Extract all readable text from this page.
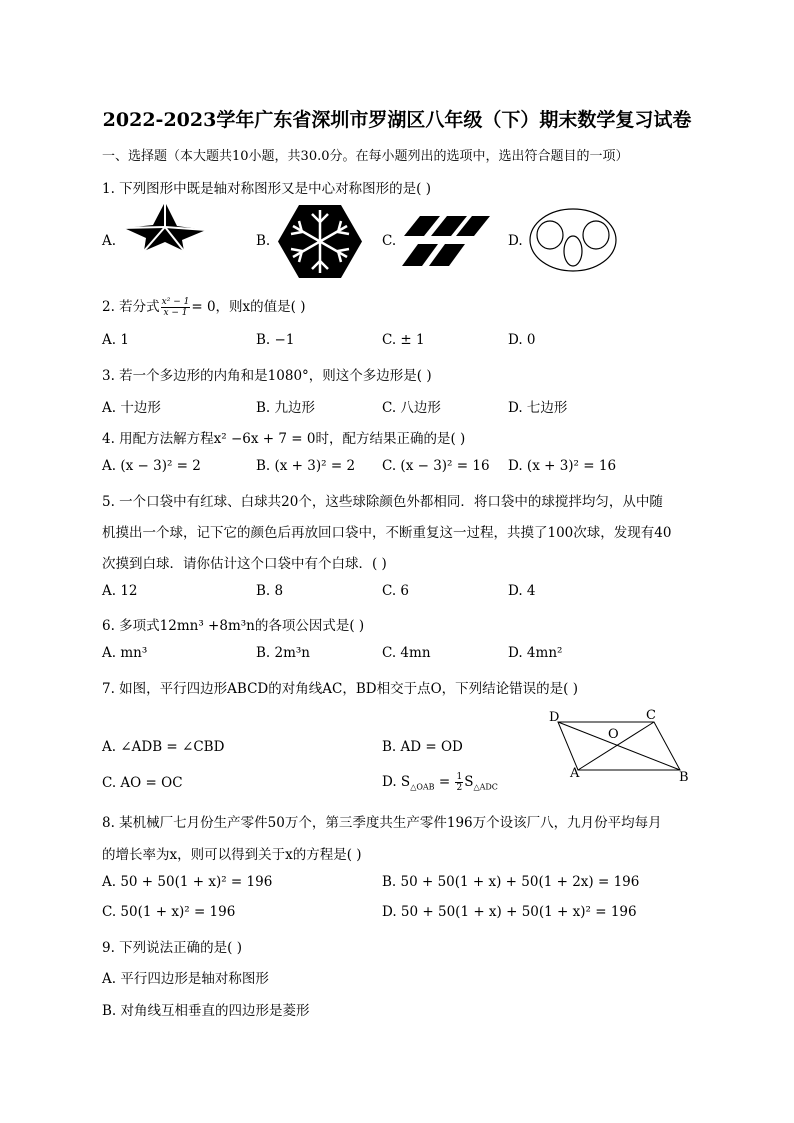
2022-2023学年广东省深圳市罗湖区八年级（下）期末数学复习试卷
一、选择题（本大题共10小题，共30.0分。在每小题列出的选项中，选出符合题目的一项）
1. 下列图形中既是轴对称图形又是中心对称图形的是( )
A.	B.	C.	D.
2. 若分式 $\frac{\text{x² − 1}}{x - 1} = 0$，则x的值是( )
A. 1	B. −1	C. ± 1	D. 0
3. 若一个多边形的内角和是1080°，则这个多边形是( )
A. 十边形	B. 九边形	C. 八边形	D. 七边形
4. 用配方法解方程x² −6x + 7 = 0时，配方结果正确的是( )
A. (x − 3)² = 2	B. (x + 3)² = 2 C. (x − 3)² = 16 D. (x + 3)² = 16
5. 一个口袋中有红球、白球共20个，这些球除颜色外都相同．将口袋中的球搅拌均匀，从中随
机摸出一个球，记下它的颜色后再放回口袋中，不断重复这一过程，共摸了100次球，发现有40
次摸到白球．请你估计这个口袋中有个白球．( )
A. 12	B. 8	C. 6	D. 4
6. 多项式12mn³ +8m³n的各项公因式是( )
A. mn³	B. 2m³n	C. 4mn	D. 4mn²
7. 如图，平行四边形ABCD的对角线AC，BD相交于点O，下列结论错误的是( )
A. ∠ADB = ∠CBD	B. AD = OD
C. AO = OC	D. $S_{\triangle OAB} = \frac{1}{2} S_{\triangle ADC}$
D	C
O
A	B
8. 某机械厂七月份生产零件50万个，第三季度共生产零件196万个设该厂八，九月份平均每月
的增长率为x，则可以得到关于x的方程是( )
A. 50 + 50(1 + x)² = 196	B. 50 + 50(1 + x) + 50(1 + 2x) = 196
C. 50(1 + x)² = 196	D. 50 + 50(1 + x) + 50(1 + x)² = 196
9. 下列说法正确的是( )
A. 平行四边形是轴对称图形
B. 对角线互相垂直的四边形是菱形
